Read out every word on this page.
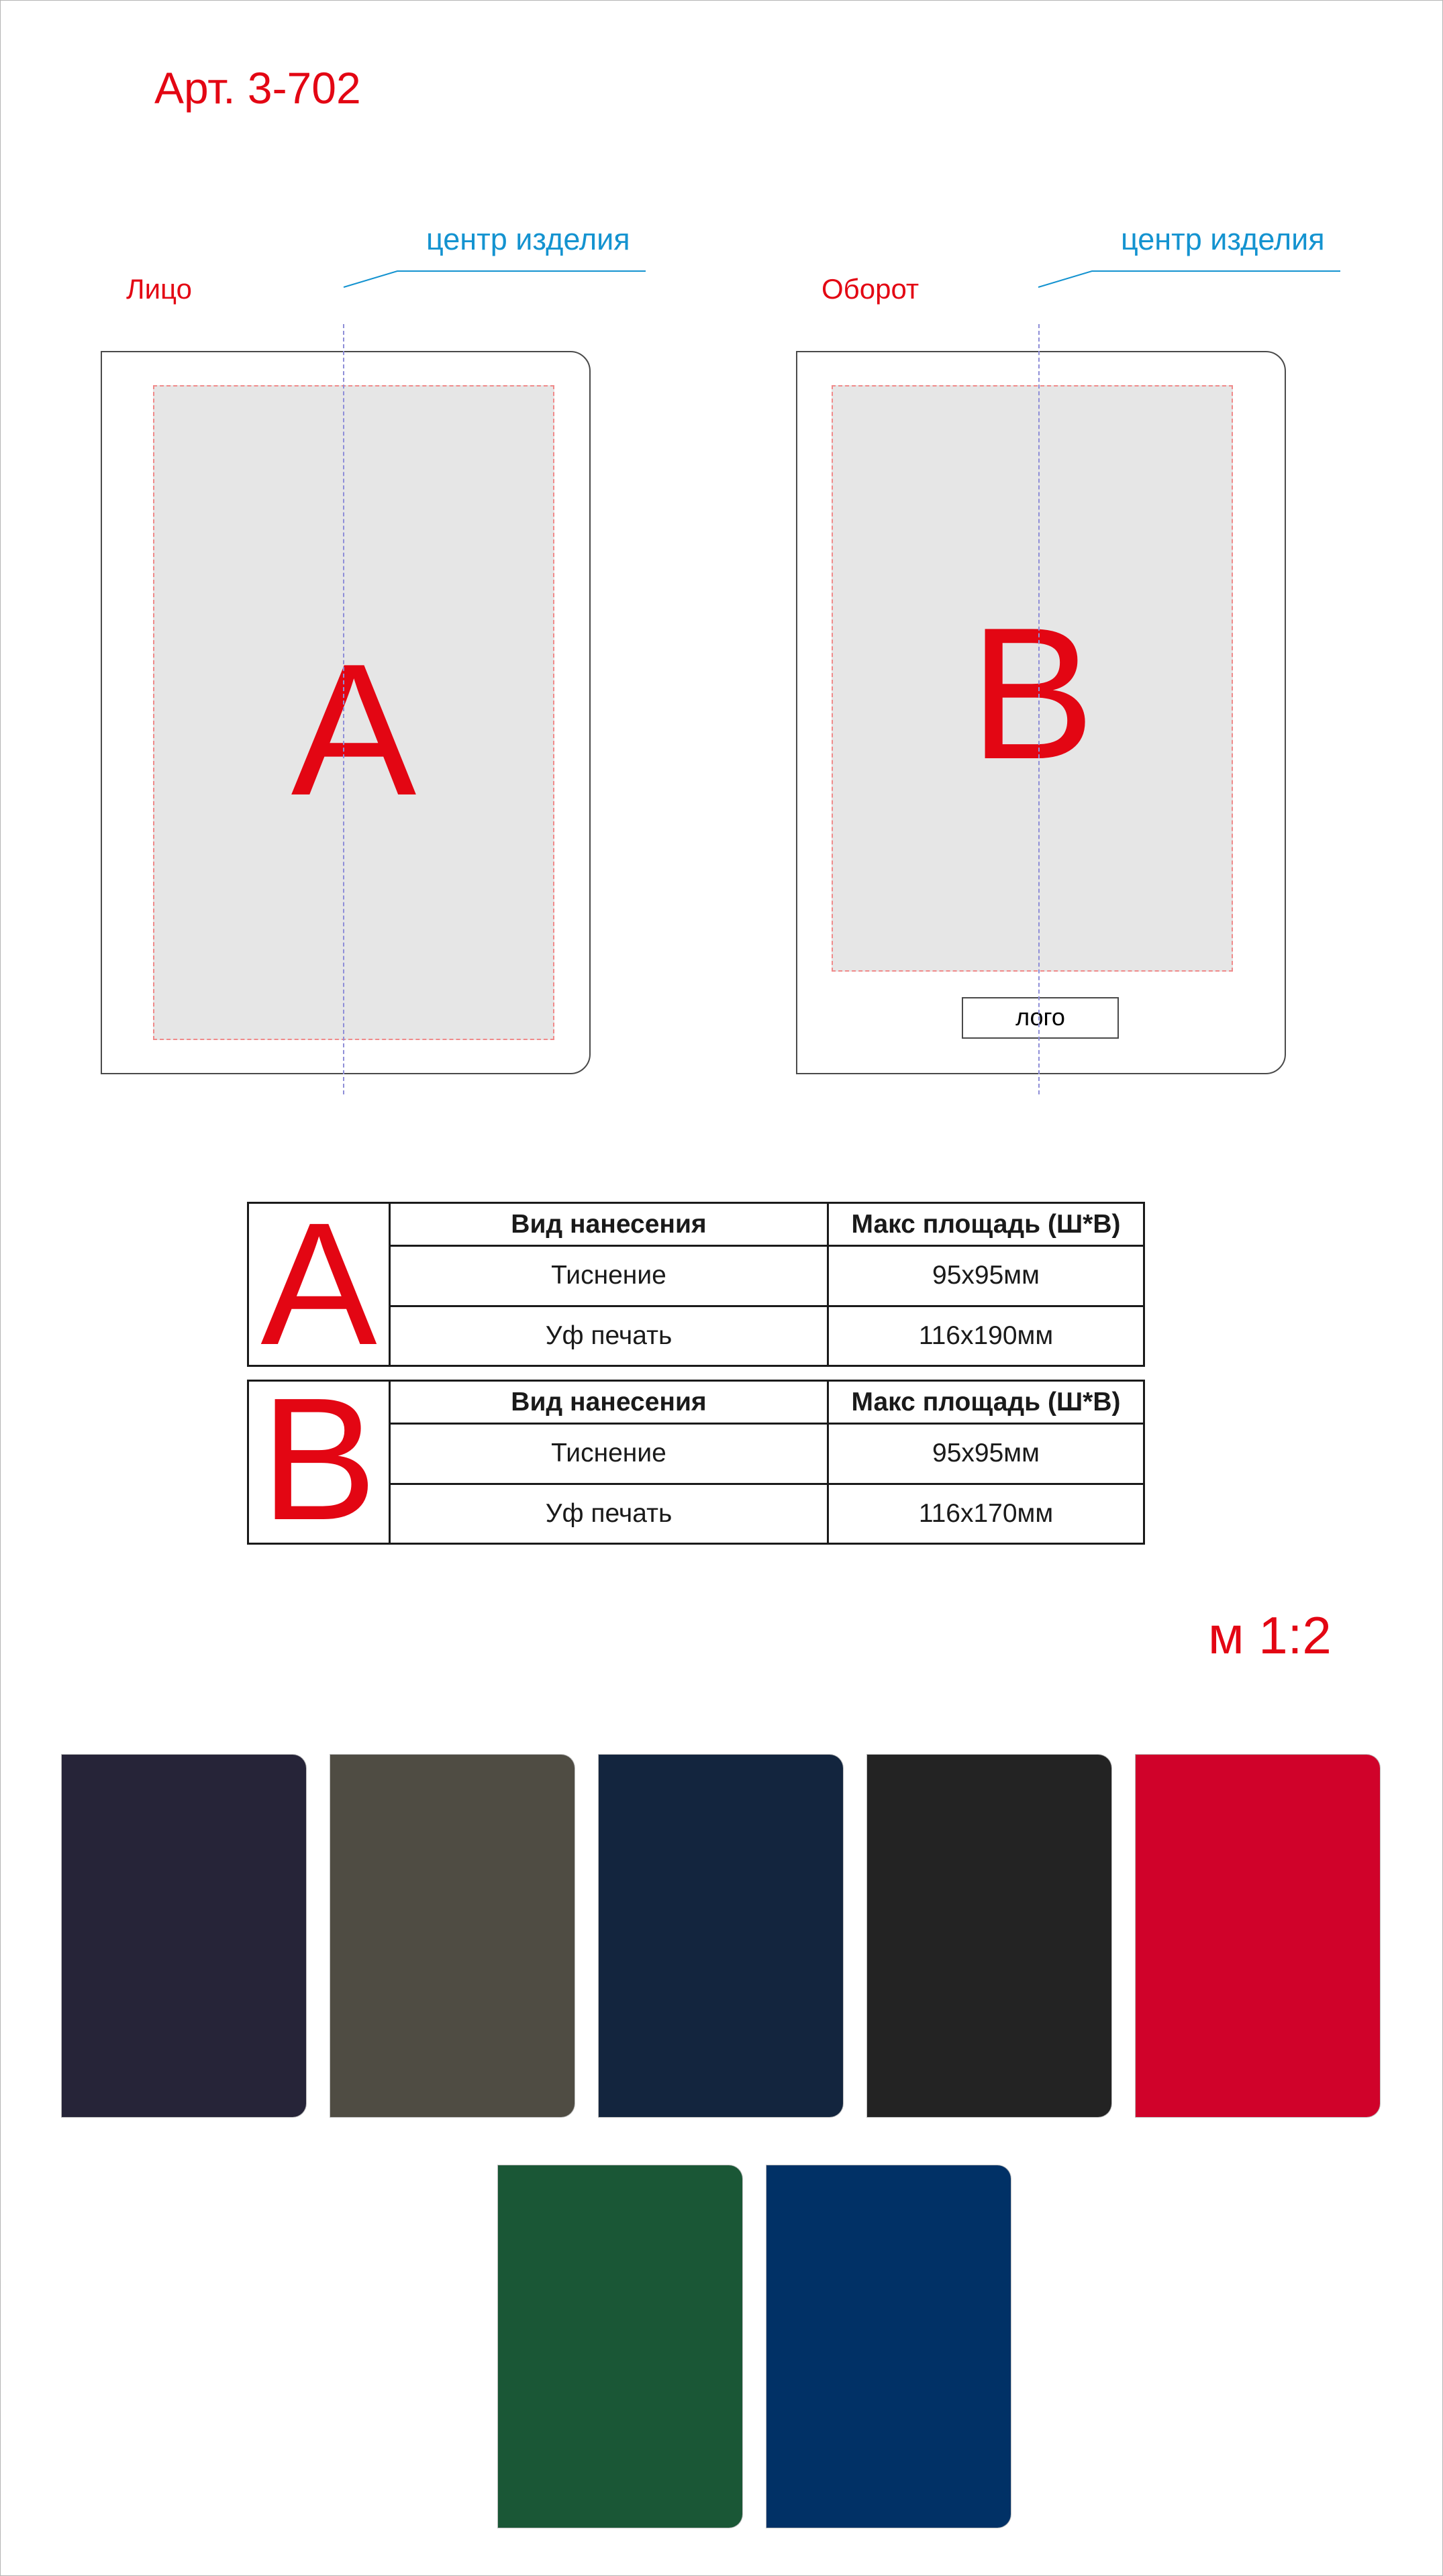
Арт. 3-702
Лицо
центр изделия
A
Оборот
центр изделия
B
лого
A	Вид нанесения	Макс площадь (Ш*В)
Тиснение	95x95мм
Уф печать	116x190мм
B	Вид нанесения	Макс площадь (Ш*В)
Тиснение	95x95мм
Уф печать	116x170мм
м 1:2
